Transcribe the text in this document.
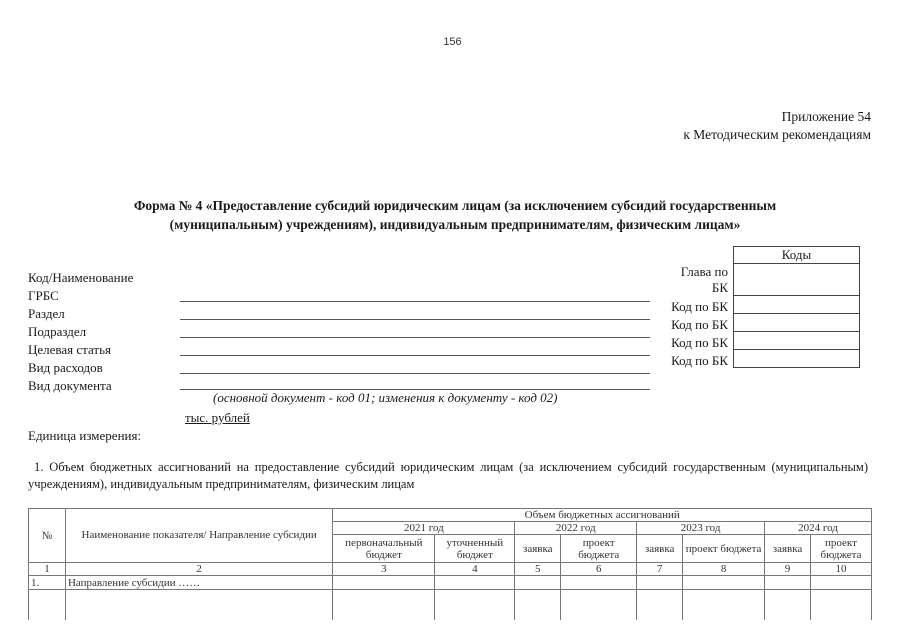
156
Приложение 54
к Методическим рекомендациям
Форма № 4 «Предоставление субсидий юридическим лицам (за исключением субсидий государственным
(муниципальным) учреждениям), индивидуальным предпринимателям, физическим лицам»
Коды
Глава по
БК
Код по БК
Код по БК
Код по БК
Код по БК
Код/Наименование
ГРБС
Раздел
Подраздел
Целевая статья
Вид расходов
Вид документа
(основной документ - код 01; изменения к документу - код 02)
тыс. рублей
Единица измерения:
1. Объем бюджетных ассигнований на предоставление субсидий юридическим лицам (за исключением субсидий государственным (муниципальным) учреждениям), индивидуальным предпринимателям, физическим лицам
№	Наименование показателя/ Направление субсидии	Объем бюджетных ассигнований							
		2021 год		2022 год		2023 год		2024 год	
		первоначальный бюджет	уточненный бюджет	заявка	проект бюджета	заявка	проект бюджета	заявка	проект бюджета
1	2	3	4	5	6	7	8	9	10
1.	Направление субсидии ……								
